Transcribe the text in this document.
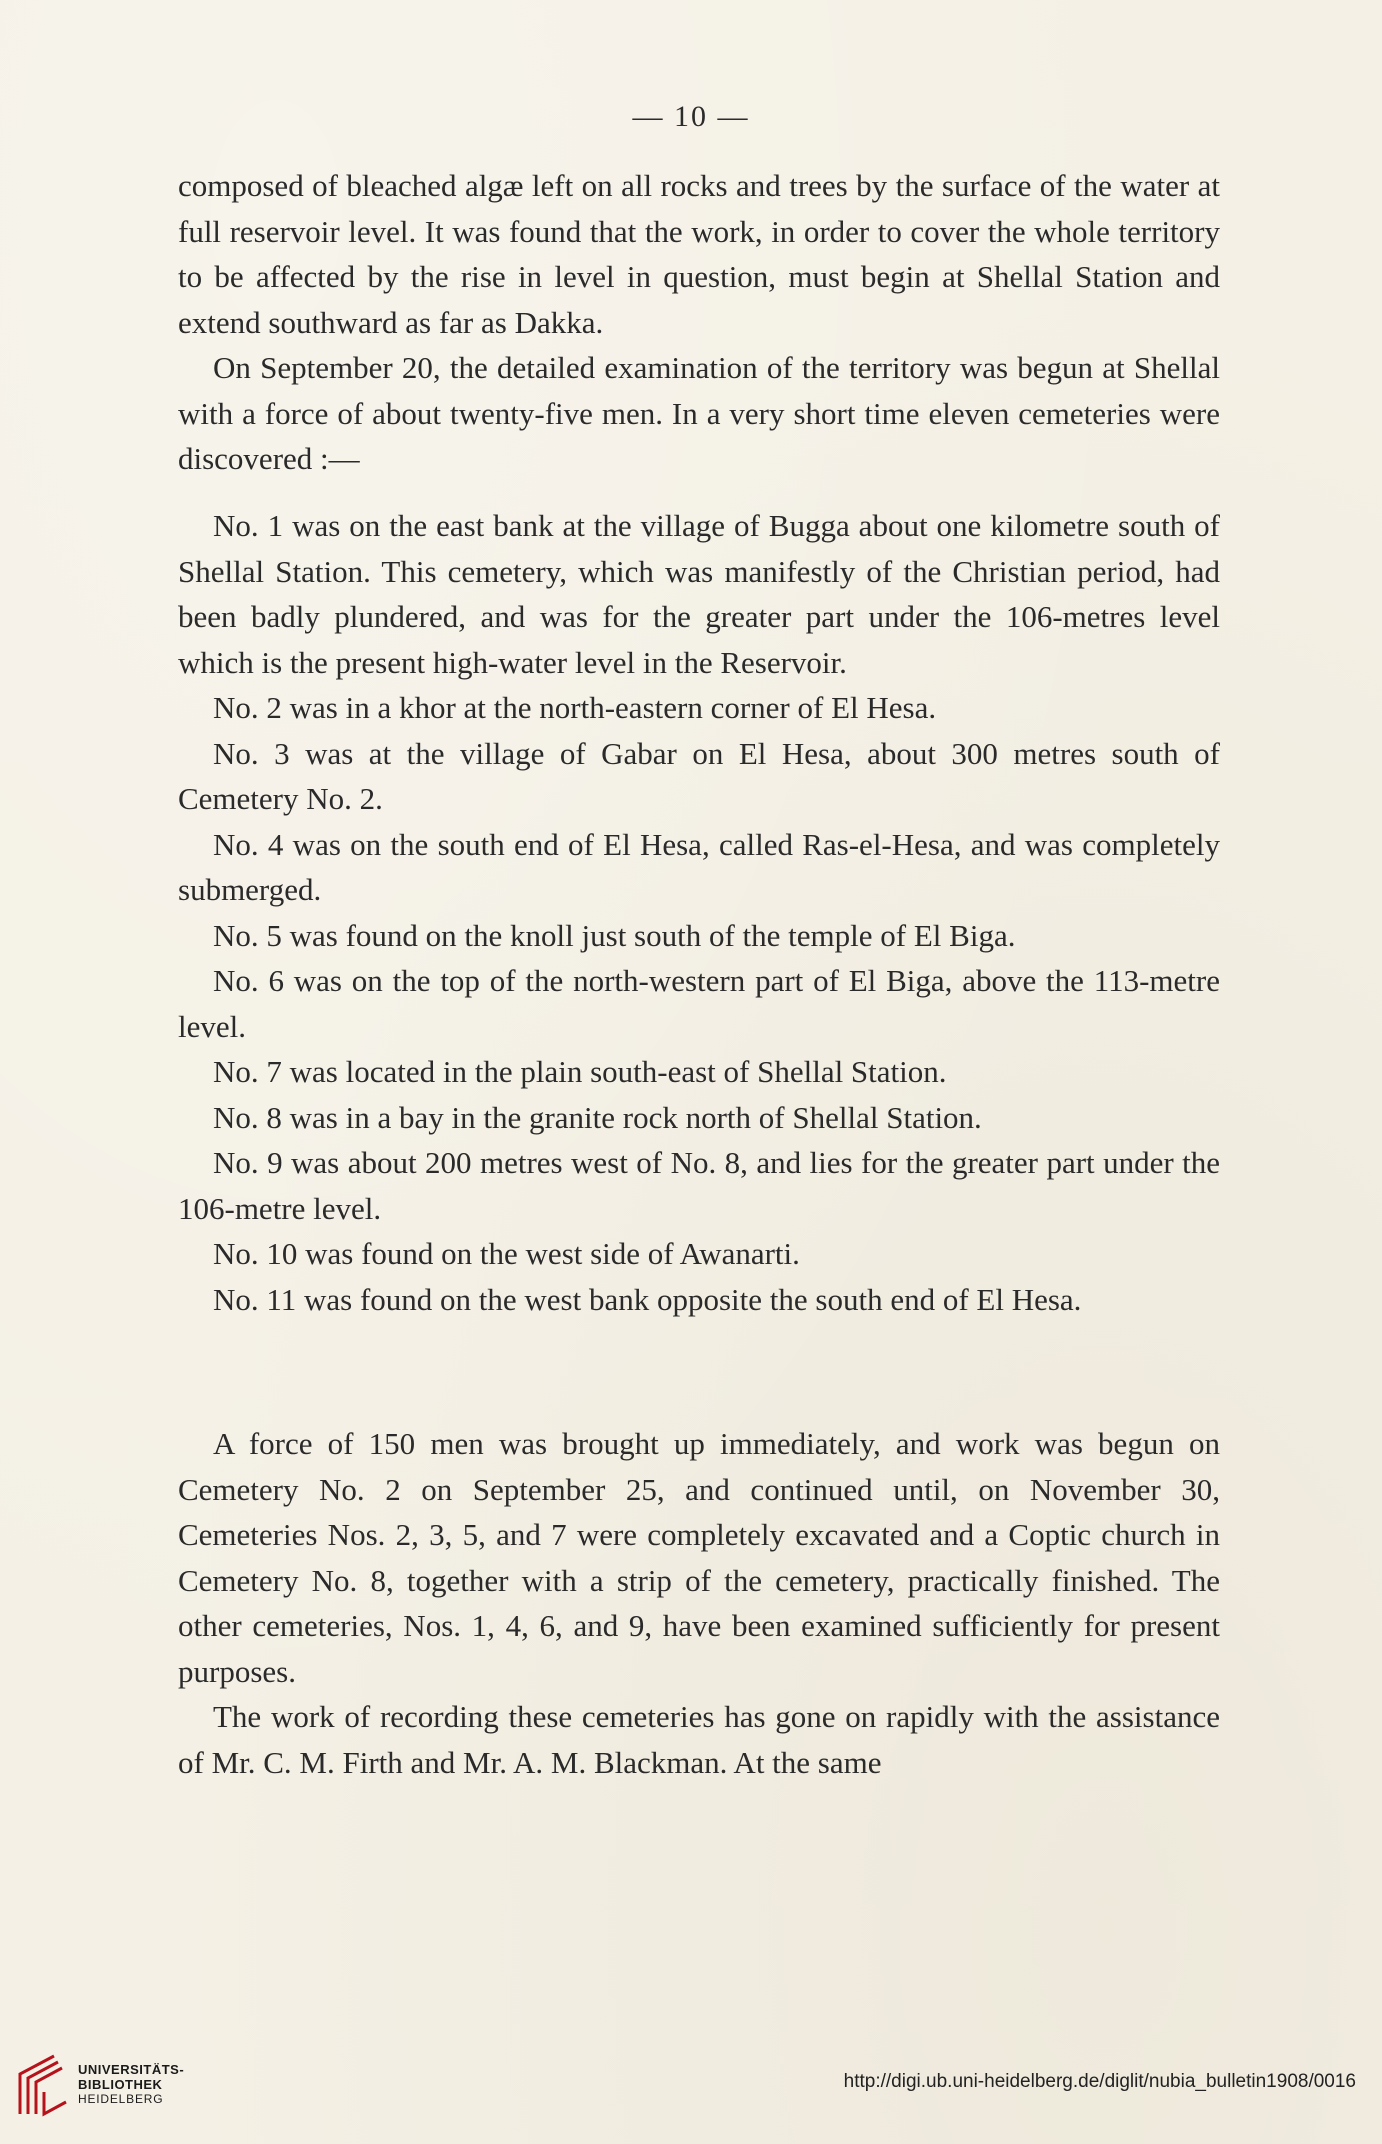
— 10 —

composed of bleached algæ left on all rocks and trees by the surface of the water at full reservoir level. It was found that the work, in order to cover the whole territory to be affected by the rise in level in question, must begin at Shellal Station and extend southward as far as Dakka.

On September 20, the detailed examination of the territory was begun at Shellal with a force of about twenty-five men. In a very short time eleven cemeteries were discovered :—

No. 1 was on the east bank at the village of Bugga about one kilometre south of Shellal Station. This cemetery, which was manifestly of the Christian period, had been badly plundered, and was for the greater part under the 106-metres level which is the present high-water level in the Reservoir.

No. 2 was in a khor at the north-eastern corner of El Hesa.

No. 3 was at the village of Gabar on El Hesa, about 300 metres south of Cemetery No. 2.

No. 4 was on the south end of El Hesa, called Ras-el-Hesa, and was completely submerged.

No. 5 was found on the knoll just south of the temple of El Biga.

No. 6 was on the top of the north-western part of El Biga, above the 113-metre level.

No. 7 was located in the plain south-east of Shellal Station.

No. 8 was in a bay in the granite rock north of Shellal Station.

No. 9 was about 200 metres west of No. 8, and lies for the greater part under the 106-metre level.

No. 10 was found on the west side of Awanarti.

No. 11 was found on the west bank opposite the south end of El Hesa.

A force of 150 men was brought up immediately, and work was begun on Cemetery No. 2 on September 25, and continued until, on November 30, Cemeteries Nos. 2, 3, 5, and 7 were completely excavated and a Coptic church in Cemetery No. 8, together with a strip of the cemetery, practically finished. The other cemeteries, Nos. 1, 4, 6, and 9, have been examined sufficiently for present purposes.

The work of recording these cemeteries has gone on rapidly with the assistance of Mr. C. M. Firth and Mr. A. M. Blackman. At the same

UNIVERSITÄTS-
BIBLIOTHEK
HEIDELBERG
http://digi.ub.uni-heidelberg.de/diglit/nubia_bulletin1908/0016
